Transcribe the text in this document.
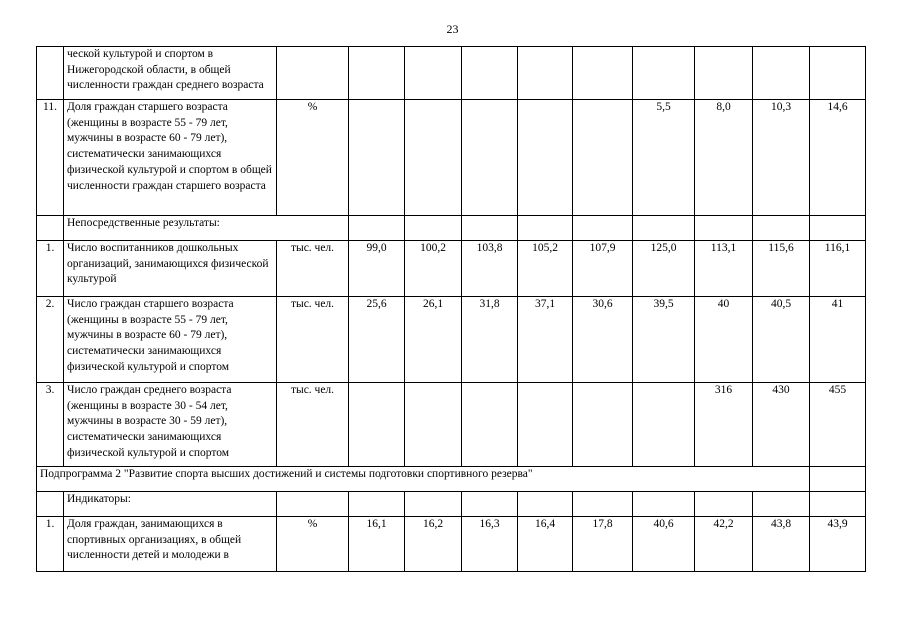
23
	ческой культурой и спортом в Нижегородской области, в общей численности граждан среднего возраста										
11.	Доля граждан старшего возраста (женщины в возрасте 55 - 79 лет, мужчины в возрасте 60 - 79 лет), систематически занимающихся физической культурой и спортом в общей численности граждан старшего возраста	%						5,5	8,0	10,3	14,6
	Непосредственные результаты:										
1.	Число воспитанников дошкольных организаций, занимающихся физической культурой	тыс. чел.	99,0	100,2	103,8	105,2	107,9	125,0	113,1	115,6	116,1
2.	Число граждан старшего возраста (женщины в возрасте 55 - 79 лет, мужчины в возрасте 60 - 79 лет), систематически занимающихся физической культурой и спортом	тыс. чел.	25,6	26,1	31,8	37,1	30,6	39,5	40	40,5	41
3.	Число граждан среднего возраста (женщины в возрасте 30 - 54 лет, мужчины в возрасте 30 - 59 лет), систематически занимающихся физической культурой и спортом	тыс. чел.							316	430	455
Подпрограмма 2 "Развитие спорта высших достижений и системы подготовки спортивного резерва"											
	Индикаторы:										
1.	Доля граждан, занимающихся в спортивных организациях, в общей численности детей и молодежи в	%	16,1	16,2	16,3	16,4	17,8	40,6	42,2	43,8	43,9
